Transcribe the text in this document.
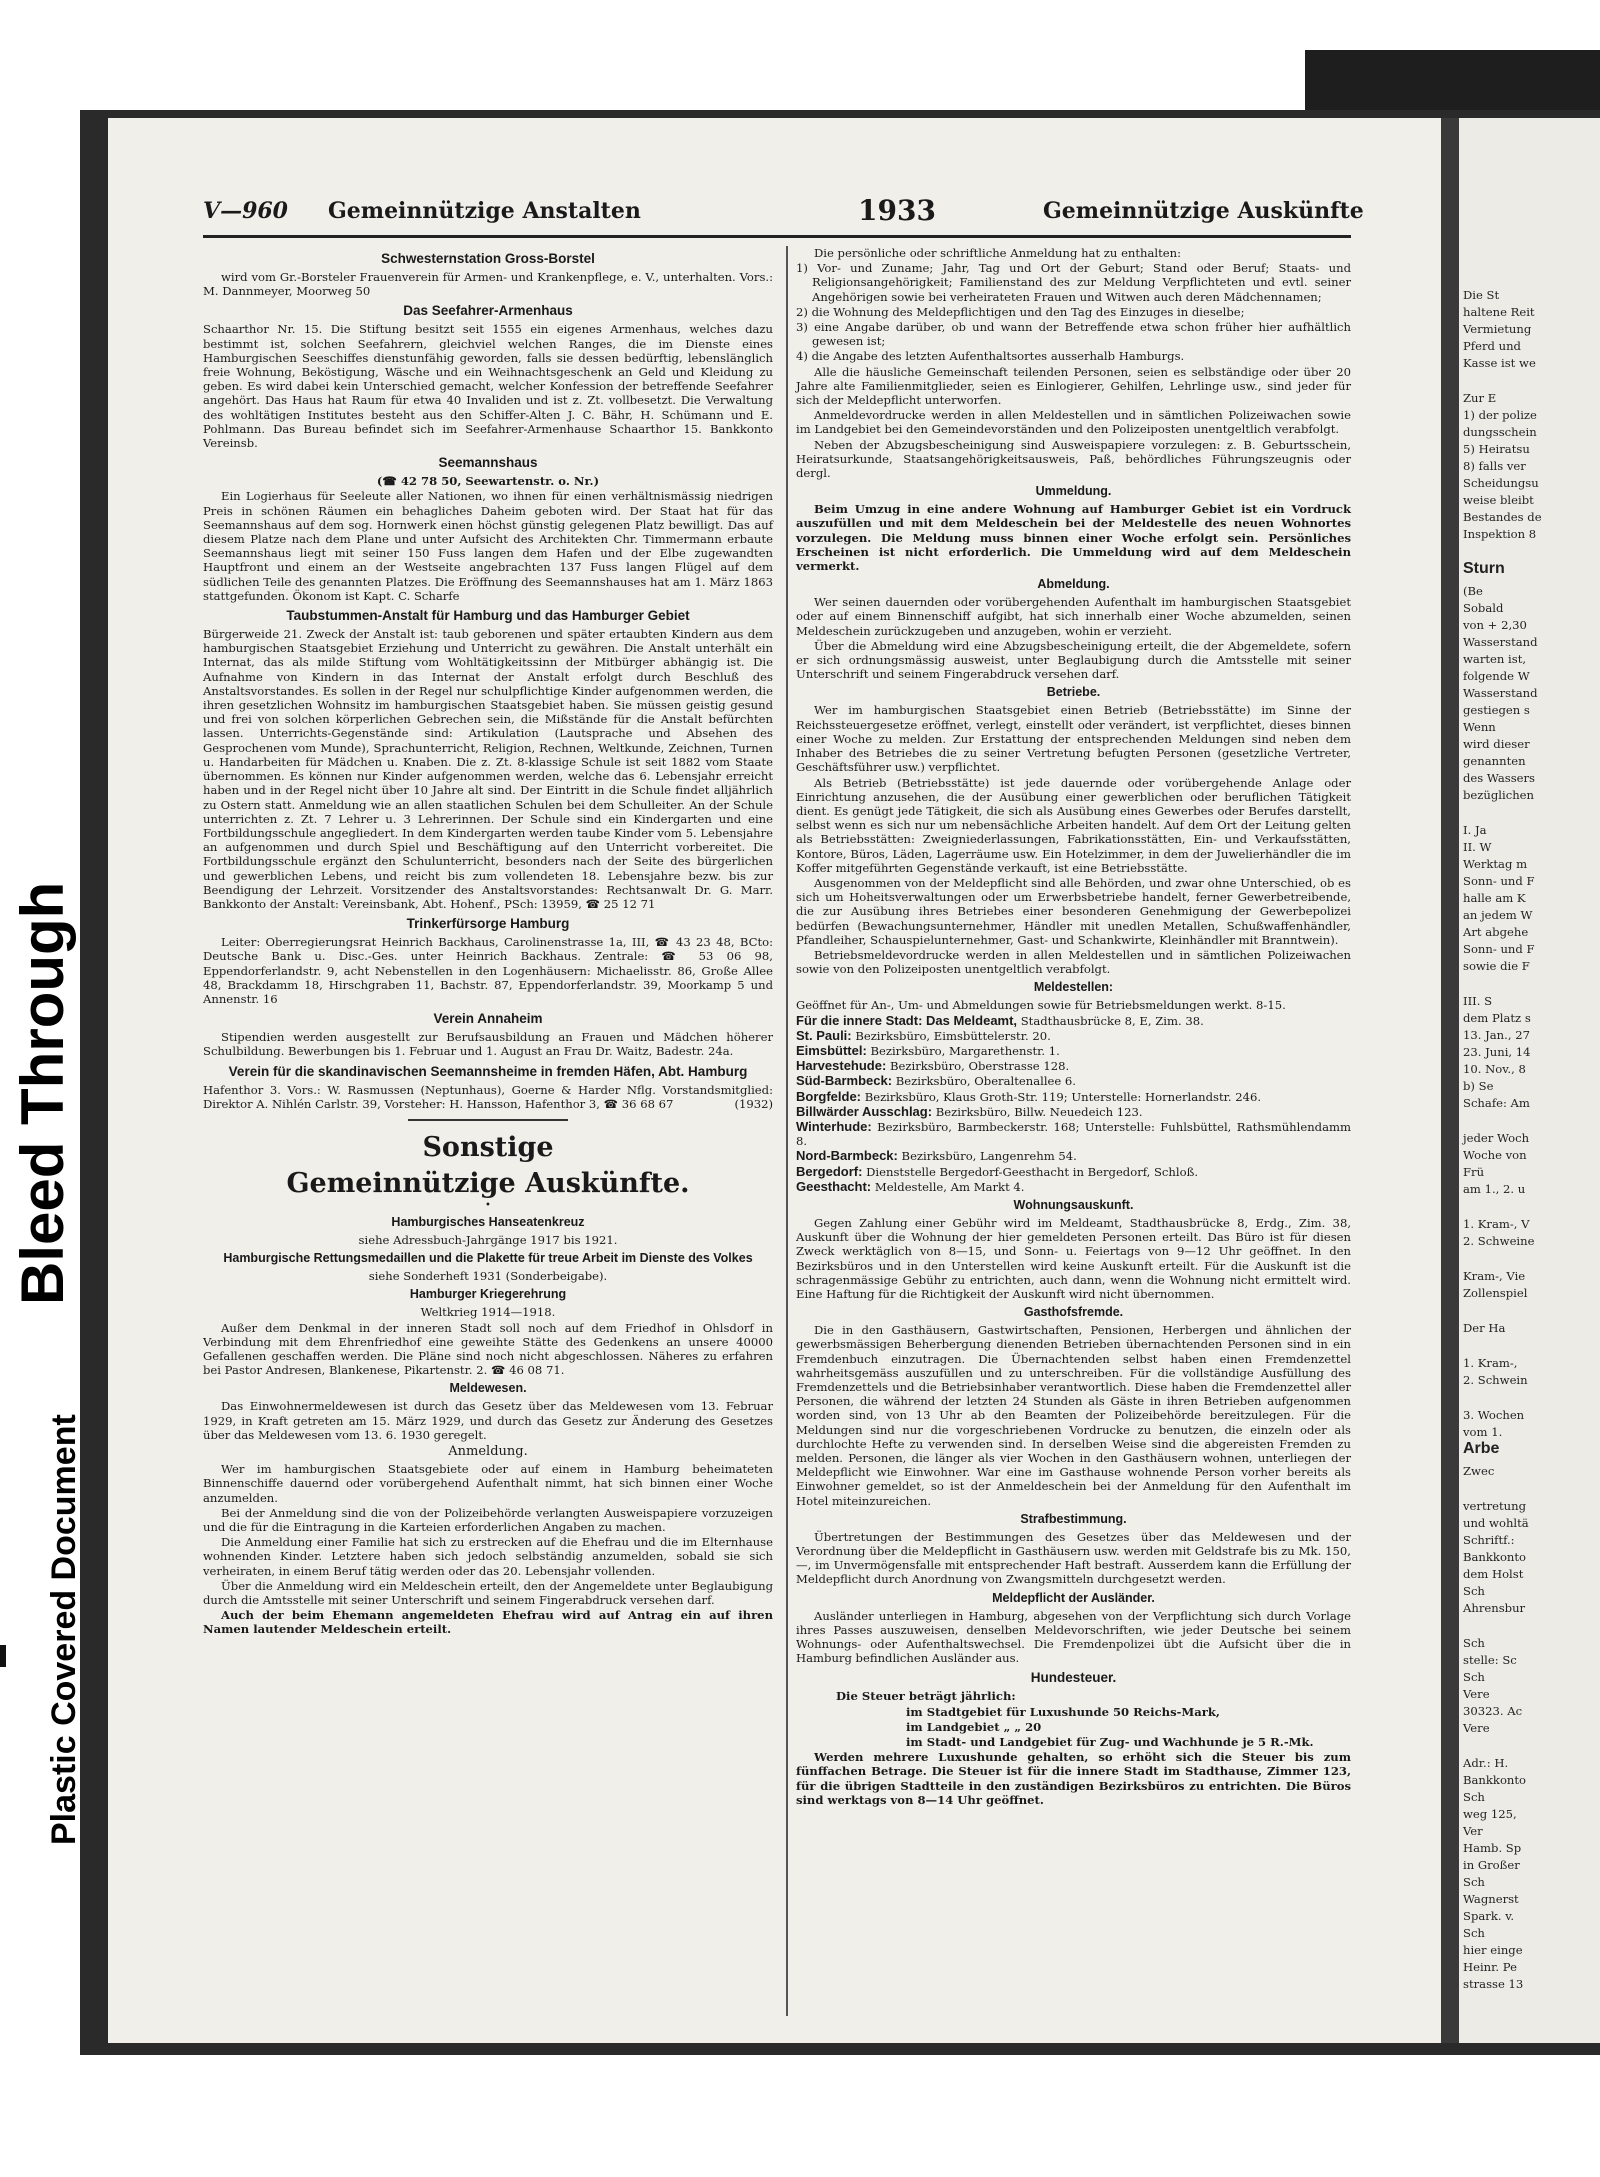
Bleed Through
Plastic Covered Document
V—960 Gemeinnützige Anstalten	1933	Gemeinnützige Auskünfte
Schwesternstation Gross-Borstel

wird vom Gr.-Borsteler Frauenverein für Armen- und Krankenpflege, e. V., unterhalten. Vors.: M. Dannmeyer, Moorweg 50

Das Seefahrer-Armenhaus

Schaarthor Nr. 15. Die Stiftung besitzt seit 1555 ein eigenes Armenhaus, welches dazu bestimmt ist, solchen Seefahrern, gleichviel welchen Ranges, die im Dienste eines Hamburgischen Seeschiffes dienstunfähig geworden, falls sie dessen bedürftig, lebenslänglich freie Wohnung, Beköstigung, Wäsche und ein Weihnachtsgeschenk an Geld und Kleidung zu geben. Es wird dabei kein Unterschied gemacht, welcher Konfession der betreffende Seefahrer angehört. Das Haus hat Raum für etwa 40 Invaliden und ist z. Zt. vollbesetzt. Die Verwaltung des wohltätigen Institutes besteht aus den Schiffer-Alten J. C. Bähr, H. Schümann und E. Pohlmann. Das Bureau befindet sich im Seefahrer-Armenhause Schaarthor 15. Bankkonto Vereinsb.

Seemannshaus

(☎ 42 78 50, Seewartenstr. o. Nr.)

Ein Logierhaus für Seeleute aller Nationen, wo ihnen für einen verhältnismässig niedrigen Preis in schönen Räumen ein behagliches Daheim geboten wird. Der Staat hat für das Seemannshaus auf dem sog. Hornwerk einen höchst günstig gelegenen Platz bewilligt. Das auf diesem Platze nach dem Plane und unter Aufsicht des Architekten Chr. Timmermann erbaute Seemannshaus liegt mit seiner 150 Fuss langen dem Hafen und der Elbe zugewandten Hauptfront und einem an der Westseite angebrachten 137 Fuss langen Flügel auf dem südlichen Teile des genannten Platzes. Die Eröffnung des Seemannshauses hat am 1. März 1863 stattgefunden. Ökonom ist Kapt. C. Scharfe

Taubstummen-Anstalt für Hamburg und das Hamburger Gebiet

Bürgerweide 21. Zweck der Anstalt ist: taub geborenen und später ertaubten Kindern aus dem hamburgischen Staatsgebiet Erziehung und Unterricht zu gewähren. Die Anstalt unterhält ein Internat, das als milde Stiftung vom Wohltätigkeitssinn der Mitbürger abhängig ist. Die Aufnahme von Kindern in das Internat der Anstalt erfolgt durch Beschluß des Anstaltsvorstandes. Es sollen in der Regel nur schulpflichtige Kinder aufgenommen werden, die ihren gesetzlichen Wohnsitz im hamburgischen Staatsgebiet haben. Sie müssen geistig gesund und frei von solchen körperlichen Gebrechen sein, die Mißstände für die Anstalt befürchten lassen. Unterrichts-Gegenstände sind: Artikulation (Lautsprache und Absehen des Gesprochenen vom Munde), Sprachunterricht, Religion, Rechnen, Weltkunde, Zeichnen, Turnen u. Handarbeiten für Mädchen u. Knaben. Die z. Zt. 8-klassige Schule ist seit 1882 vom Staate übernommen. Es können nur Kinder aufgenommen werden, welche das 6. Lebensjahr erreicht haben und in der Regel nicht über 10 Jahre alt sind. Der Eintritt in die Schule findet alljährlich zu Ostern statt. Anmeldung wie an allen staatlichen Schulen bei dem Schulleiter. An der Schule unterrichten z. Zt. 7 Lehrer u. 3 Lehrerinnen. Der Schule sind ein Kindergarten und eine Fortbildungsschule angegliedert. In dem Kindergarten werden taube Kinder vom 5. Lebensjahre an aufgenommen und durch Spiel und Beschäftigung auf den Unterricht vorbereitet. Die Fortbildungsschule ergänzt den Schulunterricht, besonders nach der Seite des bürgerlichen und gewerblichen Lebens, und reicht bis zum vollendeten 18. Lebensjahre bezw. bis zur Beendigung der Lehrzeit. Vorsitzender des Anstaltsvorstandes: Rechtsanwalt Dr. G. Marr. Bankkonto der Anstalt: Vereinsbank, Abt. Hohenf., PSch: 13959, ☎ 25 12 71

Trinkerfürsorge Hamburg

Leiter: Oberregierungsrat Heinrich Backhaus, Carolinenstrasse 1a, III, ☎ 43 23 48, BCto: Deutsche Bank u. Disc.-Ges. unter Heinrich Backhaus. Zentrale: ☎ 53 06 98, Eppendorferlandstr. 9, acht Nebenstellen in den Logenhäusern: Michaelisstr. 86, Große Allee 48, Brackdamm 18, Hirschgraben 11, Bachstr. 87, Eppendorferlandstr. 39, Moorkamp 5 und Annenstr. 16

Verein Annaheim

Stipendien werden ausgestellt zur Berufsausbildung an Frauen und Mädchen höherer Schulbildung. Bewerbungen bis 1. Februar und 1. August an Frau Dr. Waitz, Badestr. 24a.

Verein für die skandinavischen Seemannsheime in fremden Häfen, Abt. Hamburg

Hafenthor 3. Vors.: W. Rasmussen (Neptunhaus), Goerne & Harder Nflg. Vorstandsmitglied: Direktor A. Nihlén Carlstr. 39, Vorsteher: H. Hansson, Hafenthor 3, ☎ 36 68 67	(1932)

Sonstige
Gemeinnützige Auskünfte.
•
Hamburgisches Hanseatenkreuz

siehe Adressbuch-Jahrgänge 1917 bis 1921.

Hamburgische Rettungsmedaillen und die Plakette für treue Arbeit im Dienste des Volkes

siehe Sonderheft 1931 (Sonderbeigabe).

Hamburger Kriegerehrung

Weltkrieg 1914—1918.

Außer dem Denkmal in der inneren Stadt soll noch auf dem Friedhof in Ohlsdorf in Verbindung mit dem Ehrenfriedhof eine geweihte Stätte des Gedenkens an unsere 40000 Gefallenen geschaffen werden. Die Pläne sind noch nicht abgeschlossen. Näheres zu erfahren bei Pastor Andresen, Blankenese, Pikartenstr. 2. ☎ 46 08 71.

Meldewesen.

Das Einwohnermeldewesen ist durch das Gesetz über das Meldewesen vom 13. Februar 1929, in Kraft getreten am 15. März 1929, und durch das Gesetz zur Änderung des Gesetzes über das Meldewesen vom 13. 6. 1930 geregelt.

Anmeldung.

Wer im hamburgischen Staatsgebiete oder auf einem in Hamburg beheimateten Binnenschiffe dauernd oder vorübergehend Aufenthalt nimmt, hat sich binnen einer Woche anzumelden.

Bei der Anmeldung sind die von der Polizeibehörde verlangten Ausweispapiere vorzuzeigen und die für die Eintragung in die Karteien erforderlichen Angaben zu machen.

Die Anmeldung einer Familie hat sich zu erstrecken auf die Ehefrau und die im Elternhause wohnenden Kinder. Letztere haben sich jedoch selbständig anzumelden, sobald sie sich verheiraten, in einem Beruf tätig werden oder das 20. Lebensjahr vollenden.

Über die Anmeldung wird ein Meldeschein erteilt, den der Angemeldete unter Beglaubigung durch die Amtsstelle mit seiner Unterschrift und seinem Fingerabdruck versehen darf.

Auch der beim Ehemann angemeldeten Ehefrau wird auf Antrag ein auf ihren Namen lautender Meldeschein erteilt.

Die persönliche oder schriftliche Anmeldung hat zu enthalten:

1) Vor- und Zuname; Jahr, Tag und Ort der Geburt; Stand oder Beruf; Staats- und Religionsangehörigkeit; Familienstand des zur Meldung Verpflichteten und evtl. seiner Angehörigen sowie bei verheirateten Frauen und Witwen auch deren Mädchennamen;

2) die Wohnung des Meldepflichtigen und den Tag des Einzuges in dieselbe;

3) eine Angabe darüber, ob und wann der Betreffende etwa schon früher hier aufhältlich gewesen ist;

4) die Angabe des letzten Aufenthaltsortes ausserhalb Hamburgs.

Alle die häusliche Gemeinschaft teilenden Personen, seien es selbständige oder über 20 Jahre alte Familienmitglieder, seien es Einlogierer, Gehilfen, Lehrlinge usw., sind jeder für sich der Meldepflicht unterworfen.

Anmeldevordrucke werden in allen Meldestellen und in sämtlichen Polizeiwachen sowie im Landgebiet bei den Gemeindevorständen und den Polizeiposten unentgeltlich verabfolgt.

Neben der Abzugsbescheinigung sind Ausweispapiere vorzulegen: z. B. Geburtsschein, Heiratsurkunde, Staatsangehörigkeitsausweis, Paß, behördliches Führungszeugnis oder dergl.

Ummeldung.

Beim Umzug in eine andere Wohnung auf Hamburger Gebiet ist ein Vordruck auszufüllen und mit dem Meldeschein bei der Meldestelle des neuen Wohnortes vorzulegen. Die Meldung muss binnen einer Woche erfolgt sein. Persönliches Erscheinen ist nicht erforderlich. Die Ummeldung wird auf dem Meldeschein vermerkt.

Abmeldung.

Wer seinen dauernden oder vorübergehenden Aufenthalt im hamburgischen Staatsgebiet oder auf einem Binnenschiff aufgibt, hat sich innerhalb einer Woche abzumelden, seinen Meldeschein zurückzugeben und anzugeben, wohin er verzieht.

Über die Abmeldung wird eine Abzugsbescheinigung erteilt, die der Abgemeldete, sofern er sich ordnungsmässig ausweist, unter Beglaubigung durch die Amtsstelle mit seiner Unterschrift und seinem Fingerabdruck versehen darf.

Betriebe.

Wer im hamburgischen Staatsgebiet einen Betrieb (Betriebsstätte) im Sinne der Reichssteuergesetze eröffnet, verlegt, einstellt oder verändert, ist verpflichtet, dieses binnen einer Woche zu melden. Zur Erstattung der entsprechenden Meldungen sind neben dem Inhaber des Betriebes die zu seiner Vertretung befugten Personen (gesetzliche Vertreter, Geschäftsführer usw.) verpflichtet.

Als Betrieb (Betriebsstätte) ist jede dauernde oder vorübergehende Anlage oder Einrichtung anzusehen, die der Ausübung einer gewerblichen oder beruflichen Tätigkeit dient. Es genügt jede Tätigkeit, die sich als Ausübung eines Gewerbes oder Berufes darstellt, selbst wenn es sich nur um nebensächliche Arbeiten handelt. Auf dem Ort der Leitung gelten als Betriebsstätten: Zweigniederlassungen, Fabrikationsstätten, Ein- und Verkaufsstätten, Kontore, Büros, Läden, Lagerräume usw. Ein Hotelzimmer, in dem der Juwelierhändler die im Koffer mitgeführten Gegenstände verkauft, ist eine Betriebsstätte.

Ausgenommen von der Meldepflicht sind alle Behörden, und zwar ohne Unterschied, ob es sich um Hoheitsverwaltungen oder um Erwerbsbetriebe handelt, ferner Gewerbetreibende, die zur Ausübung ihres Betriebes einer besonderen Genehmigung der Gewerbepolizei bedürfen (Bewachungsunternehmer, Händler mit unedlen Metallen, Schußwaffenhändler, Pfandleiher, Schauspielunternehmer, Gast- und Schankwirte, Kleinhändler mit Branntwein).

Betriebsmeldevordrucke werden in allen Meldestellen und in sämtlichen Polizeiwachen sowie von den Polizeiposten unentgeltlich verabfolgt.

Meldestellen:

Geöffnet für An-, Um- und Abmeldungen sowie für Betriebsmeldungen werkt. 8-15.

Für die innere Stadt: Das Meldeamt, Stadthausbrücke 8, E, Zim. 38.

St. Pauli: Bezirksbüro, Eimsbüttelerstr. 20.

Eimsbüttel: Bezirksbüro, Margarethenstr. 1.

Harvestehude: Bezirksbüro, Oberstrasse 128.

Süd-Barmbeck: Bezirksbüro, Oberaltenallee 6.

Borgfelde: Bezirksbüro, Klaus Groth-Str. 119; Unterstelle: Hornerlandstr. 246.

Billwärder Ausschlag: Bezirksbüro, Billw. Neuedeich 123.

Winterhude: Bezirksbüro, Barmbeckerstr. 168; Unterstelle: Fuhlsbüttel, Rathsmühlendamm 8.

Nord-Barmbeck: Bezirksbüro, Langenrehm 54.

Bergedorf: Dienststelle Bergedorf-Geesthacht in Bergedorf, Schloß.

Geesthacht: Meldestelle, Am Markt 4.

Wohnungsauskunft.

Gegen Zahlung einer Gebühr wird im Meldeamt, Stadthausbrücke 8, Erdg., Zim. 38, Auskunft über die Wohnung der hier gemeldeten Personen erteilt. Das Büro ist für diesen Zweck werktäglich von 8—15, und Sonn- u. Feiertags von 9—12 Uhr geöffnet. In den Bezirksbüros und in den Unterstellen wird keine Auskunft erteilt. Für die Auskunft ist die schragenmässige Gebühr zu entrichten, auch dann, wenn die Wohnung nicht ermittelt wird. Eine Haftung für die Richtigkeit der Auskunft wird nicht übernommen.

Gasthofsfremde.

Die in den Gasthäusern, Gastwirtschaften, Pensionen, Herbergen und ähnlichen der gewerbsmässigen Beherbergung dienenden Betrieben übernachtenden Personen sind in ein Fremdenbuch einzutragen. Die Übernachtenden selbst haben einen Fremdenzettel wahrheitsgemäss auszufüllen und zu unterschreiben. Für die vollständige Ausfüllung des Fremdenzettels und die Betriebsinhaber verantwortlich. Diese haben die Fremdenzettel aller Personen, die während der letzten 24 Stunden als Gäste in ihren Betrieben aufgenommen worden sind, von 13 Uhr ab den Beamten der Polizeibehörde bereitzulegen. Für die Meldungen sind nur die vorgeschriebenen Vordrucke zu benutzen, die einzeln oder als durchlochte Hefte zu verwenden sind. In derselben Weise sind die abgereisten Fremden zu melden. Personen, die länger als vier Wochen in den Gasthäusern wohnen, unterliegen der Meldepflicht wie Einwohner. War eine im Gasthause wohnende Person vorher bereits als Einwohner gemeldet, so ist der Anmeldeschein bei der Anmeldung für den Aufenthalt im Hotel miteinzureichen.

Strafbestimmung.

Übertretungen der Bestimmungen des Gesetzes über das Meldewesen und der Verordnung über die Meldepflicht in Gasthäusern usw. werden mit Geldstrafe bis zu Mk. 150,—, im Unvermögensfalle mit entsprechender Haft bestraft. Ausserdem kann die Erfüllung der Meldepflicht durch Anordnung von Zwangsmitteln durchgesetzt werden.

Meldepflicht der Ausländer.

Ausländer unterliegen in Hamburg, abgesehen von der Verpflichtung sich durch Vorlage ihres Passes auszuweisen, denselben Meldevorschriften, wie jeder Deutsche bei seinem Wohnungs- oder Aufenthaltswechsel. Die Fremdenpolizei übt die Aufsicht über die in Hamburg befindlichen Ausländer aus.

Hundesteuer.

Die Steuer beträgt jährlich:

im Stadtgebiet für Luxushunde 50 Reichs-Mark,

im Landgebiet „ „ 20

im Stadt- und Landgebiet für Zug- und Wachhunde je 5 R.-Mk.

Werden mehrere Luxushunde gehalten, so erhöht sich die Steuer bis zum fünffachen Betrage. Die Steuer ist für die innere Stadt im Stadthause, Zimmer 123, für die übrigen Stadtteile in den zuständigen Bezirksbüros zu entrichten. Die Büros sind werktags von 8—14 Uhr geöffnet.

Die St
haltene Reit
Vermietung
Pferd und
Kasse ist we
Zur E
1) der polize
dungsschein
5) Heiratsu
8) falls ver
Scheidungsu
weise bleibt
Bestandes de
Inspektion 8
Sturn
(Be
Sobald
von + 2,30
Wasserstand
warten ist,
folgende W
Wasserstand
gestiegen s
Wenn
wird dieser
genannten
des Wassers
bezüglichen
I. Ja
II. W
Werktag m
Sonn- und F
halle am K
an jedem W
Art abgehe
Sonn- und F
sowie die F
III. S
dem Platz s
13. Jan., 27
23. Juni, 14
10. Nov., 8
b) Se
Schafe: Am
jeder Woch
Woche von
Frü
am 1., 2. u
1. Kram-, V
2. Schweine
Kram-, Vie
Zollenspiel
Der Ha
1. Kram-,
2. Schwein
3. Wochen
vom 1.
Arbe
Zwec
vertretung
und wohltä
Schriftf.:
Bankkonto
dem Holst
Sch
Ahrensbur
Sch
stelle: Sc
Sch
Vere
30323. Ac
Vere
Adr.: H.
Bankkonto
Sch
weg 125,
Ver
Hamb. Sp
in Großer
Sch
Wagnerst
Spark. v.
Sch
hier einge
Heinr. Pe
strasse 13
